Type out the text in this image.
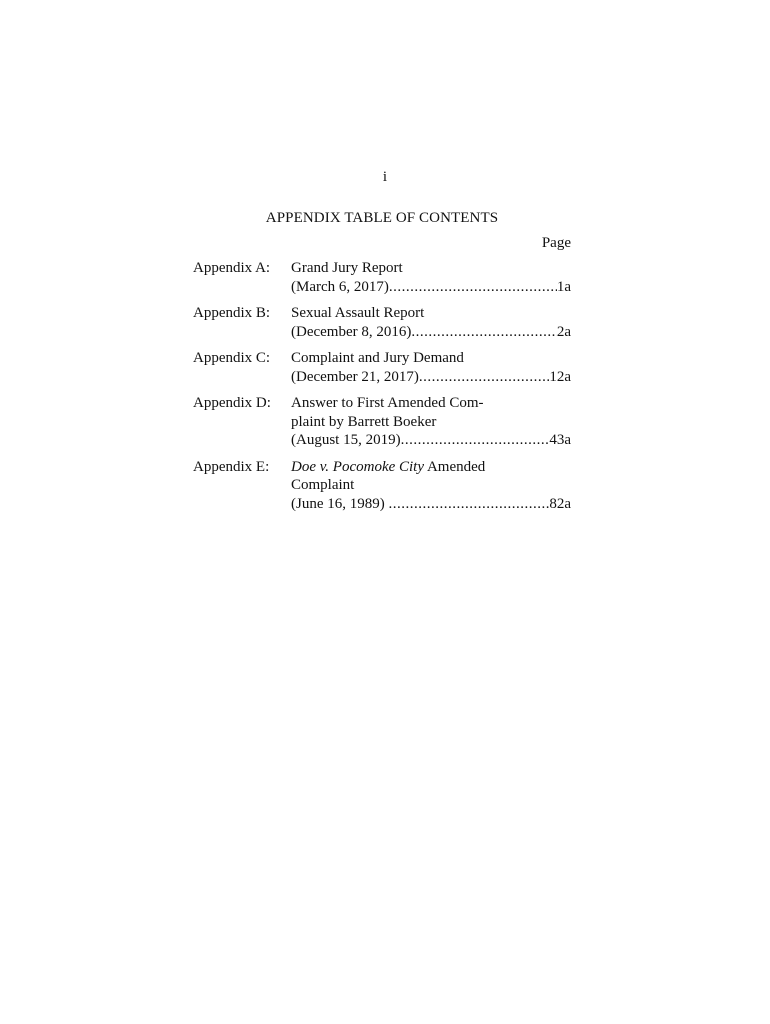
i
APPENDIX TABLE OF CONTENTS
Page
Appendix A:	Grand Jury Report
(March 6, 2017) .....	1a
Appendix B:	Sexual Assault Report
(December 8, 2016) .....	2a
Appendix C:	Complaint and Jury Demand
(December 21, 2017) .....	12a
Appendix D:	Answer to First Amended Com-
plaint by Barrett Boeker
(August 15, 2019) .....	43a
Appendix E:	Doe v. Pocomoke City Amended
Complaint
(June 16, 1989) .....	82a
